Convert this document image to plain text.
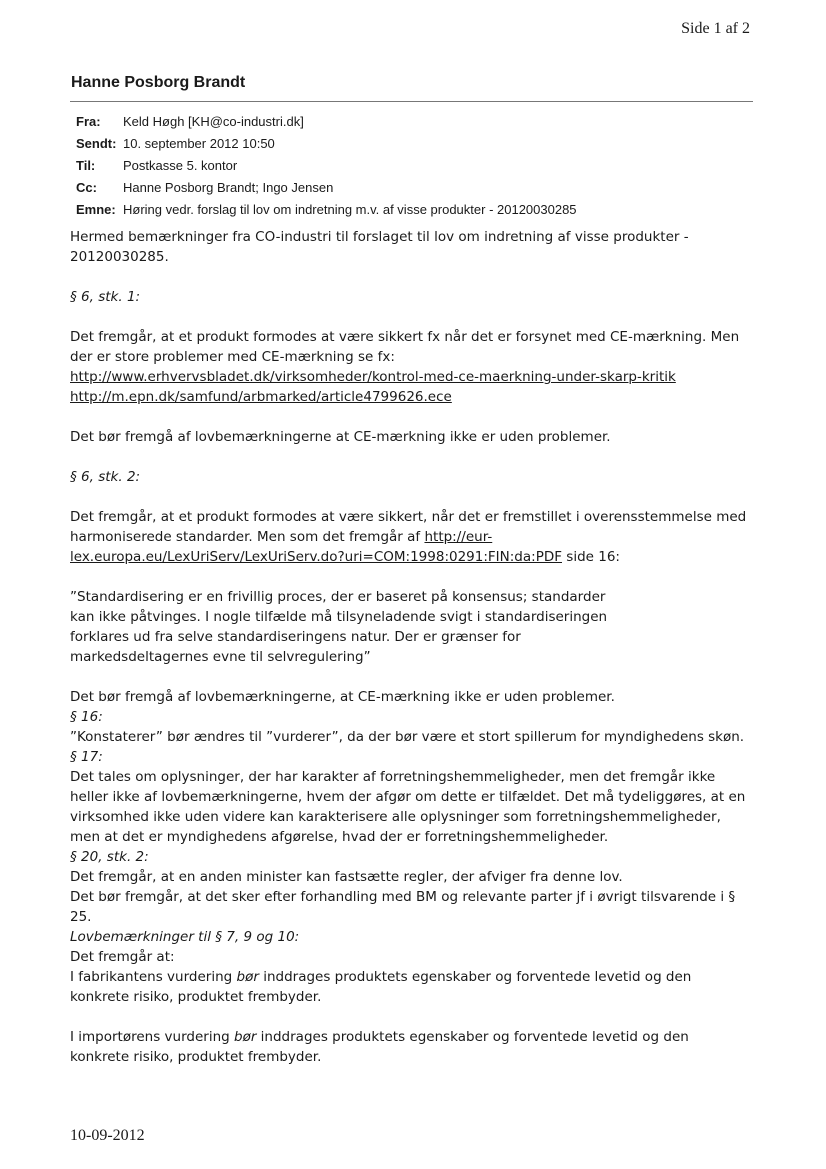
Side 1 af 2
Hanne Posborg Brandt
Fra: Keld Høgh [KH@co-industri.dk]
Sendt: 10. september 2012 10:50
Til: Postkasse 5. kontor
Cc: Hanne Posborg Brandt; Ingo Jensen
Emne: Høring vedr. forslag til lov om indretning m.v. af visse produkter - 20120030285

Hermed bemærkninger fra CO-industri til forslaget til lov om indretning af visse produkter -

20120030285.

§ 6, stk. 1:

Det fremgår, at et produkt formodes at være sikkert fx når det er forsynet med CE-mærkning. Men

der er store problemer med CE-mærkning se fx:

http://www.erhvervsbladet.dk/virksomheder/kontrol-med-ce-maerkning-under-skarp-kritik

http://m.epn.dk/samfund/arbmarked/article4799626.ece

Det bør fremgå af lovbemærkningerne at CE-mærkning ikke er uden problemer.

§ 6, stk. 2:

Det fremgår, at et produkt formodes at være sikkert, når det er fremstillet i overensstemmelse med

harmoniserede standarder. Men som det fremgår af http://eur-

lex.europa.eu/LexUriServ/LexUriServ.do?uri=COM:1998:0291:FIN:da:PDF side 16:

”Standardisering er en frivillig proces, der er baseret på konsensus; standarder

kan ikke påtvinges. I nogle tilfælde må tilsyneladende svigt i standardiseringen

forklares ud fra selve standardiseringens natur. Der er grænser for

markedsdeltagernes evne til selvregulering”

Det bør fremgå af lovbemærkningerne, at CE-mærkning ikke er uden problemer.

§ 16:

”Konstaterer” bør ændres til ”vurderer”, da der bør være et stort spillerum for myndighedens skøn.

§ 17:

Det tales om oplysninger, der har karakter af forretningshemmeligheder, men det fremgår ikke

heller ikke af lovbemærkningerne, hvem der afgør om dette er tilfældet. Det må tydeliggøres, at en

virksomhed ikke uden videre kan karakterisere alle oplysninger som forretningshemmeligheder,

men at det er myndighedens afgørelse, hvad der er forretningshemmeligheder.

§ 20, stk. 2:

Det fremgår, at en anden minister kan fastsætte regler, der afviger fra denne lov.

Det bør fremgår, at det sker efter forhandling med BM og relevante parter jf i øvrigt tilsvarende i §

25.

Lovbemærkninger til § 7, 9 og 10:

Det fremgår at:

I fabrikantens vurdering bør inddrages produktets egenskaber og forventede levetid og den

konkrete risiko, produktet frembyder.

I importørens vurdering bør inddrages produktets egenskaber og forventede levetid og den

konkrete risiko, produktet frembyder.

10-09-2012
